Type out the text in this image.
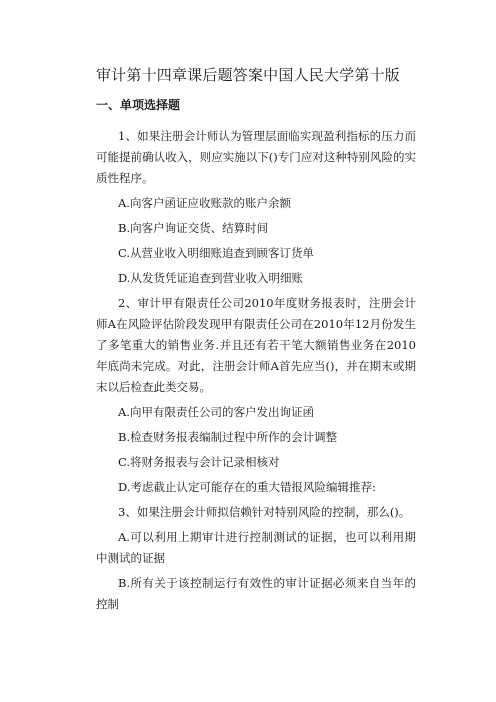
审计第十四章课后题答案中国人民大学第十版
一、单项选择题

1、如果注册会计师认为管理层面临实现盈利指标的压力而可能提前确认收入，则应实施以下()专门应对这种特别风险的实质性程序。

A.向客户函证应收账款的账户余额

B.向客户询证交货、结算时间

C.从营业收入明细账追查到顾客订货单

D.从发货凭证追查到营业收入明细账

2、审计甲有限责任公司2010年度财务报表时，注册会计师A在风险评估阶段发现甲有限责任公司在2010年12月份发生了多笔重大的销售业务.并且还有若干笔大额销售业务在2010年底尚未完成。对此，注册会计师A首先应当()，并在期末或期末以后检查此类交易。

A.向甲有限责任公司的客户发出询证函

B.检查财务报表编制过程中所作的会计调整

C.将财务报表与会计记录相核对

D.考虑截止认定可能存在的重大错报风险编辑推荐:

3、如果注册会计师拟信赖针对特别风险的控制，那么()。

A.可以利用上期审计进行控制测试的证据，也可以利用期中测试的证据

B.所有关于该控制运行有效性的审计证据必须来自当年的控制
